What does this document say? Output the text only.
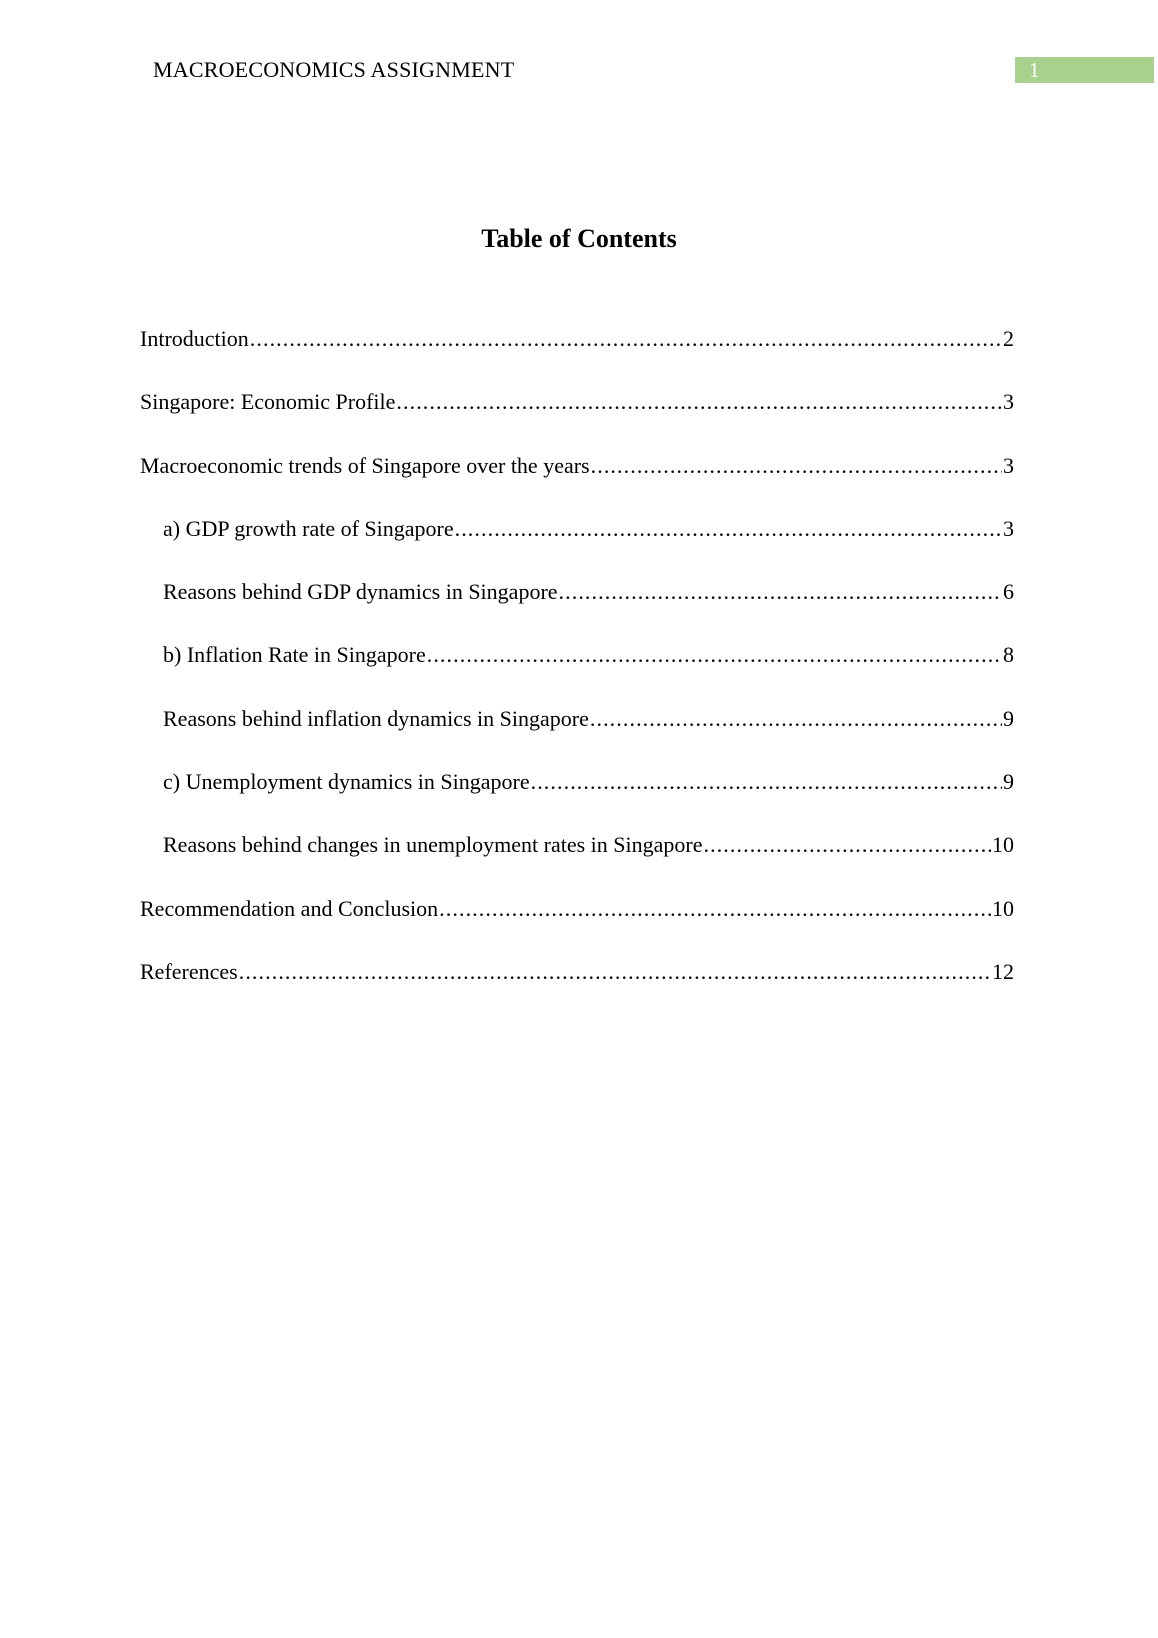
MACROECONOMICS ASSIGNMENT	1
Table of Contents
Introduction .....	2
Singapore: Economic Profile .....	3
Macroeconomic trends of Singapore over the years .....	3
a) GDP growth rate of Singapore .....	3
Reasons behind GDP dynamics in Singapore .....	6
b) Inflation Rate in Singapore .....	8
Reasons behind inflation dynamics in Singapore .....	9
c) Unemployment dynamics in Singapore .....	9
Reasons behind changes in unemployment rates in Singapore .....	10
Recommendation and Conclusion .....	10
References .....	12
